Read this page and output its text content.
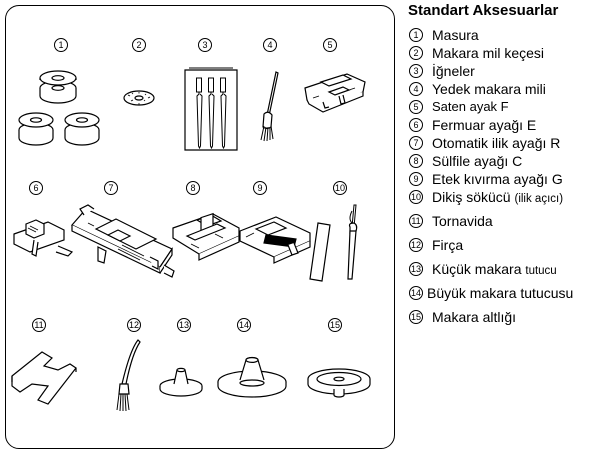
1	2	3	4	5
6	7	8	9	10
11	12	13	14	15
Standart Aksesuarlar
1 Masura
2 Makara mil keçesi
3 İğneler
4 Yedek makara mili
5	Saten ayak F
6 Fermuar ayağı E
7 Otomatik ilik ayağı R
8 Sülfile ayağı C
9 Etek kıvırma ayağı G
10 Dikiş sökücü (ilik açıcı)
11 Tornavida
12 Firça
13 Küçük makara tutucu
14 Büyük makara tutucusu
15 Makara altlığı
